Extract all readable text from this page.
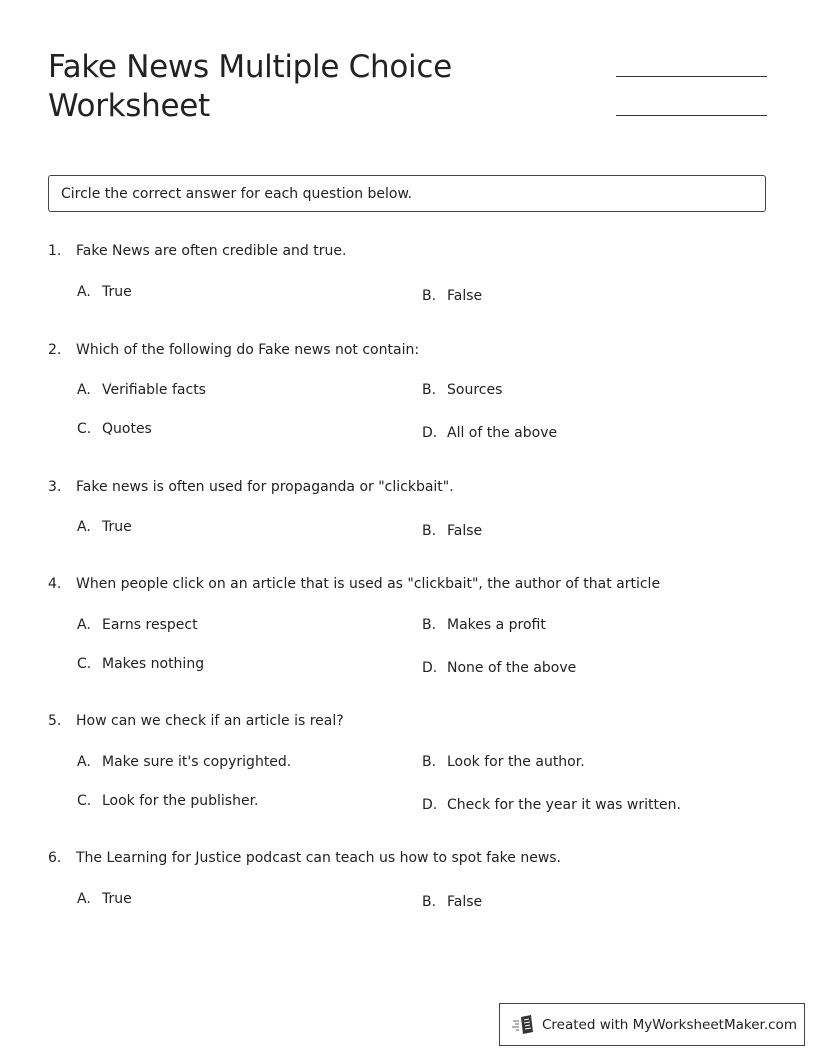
Fake News Multiple Choice Worksheet
Circle the correct answer for each question below.
1.	Fake News are often credible and true.
A. True	B. False
2.	Which of the following do Fake news not contain:
A. Verifiable facts	B. Sources
C. Quotes	D. All of the above
3.	Fake news is often used for propaganda or "clickbait".
A. True	B. False
4.	When people click on an article that is used as "clickbait", the author of that article
A. Earns respect	B. Makes a profit
C. Makes nothing	D. None of the above
5.	How can we check if an article is real?
A. Make sure it's copyrighted.	B. Look for the author.
C. Look for the publisher.	D. Check for the year it was written.
6.	The Learning for Justice podcast can teach us how to spot fake news.
A. True	B. False
Created with MyWorksheetMaker.com
